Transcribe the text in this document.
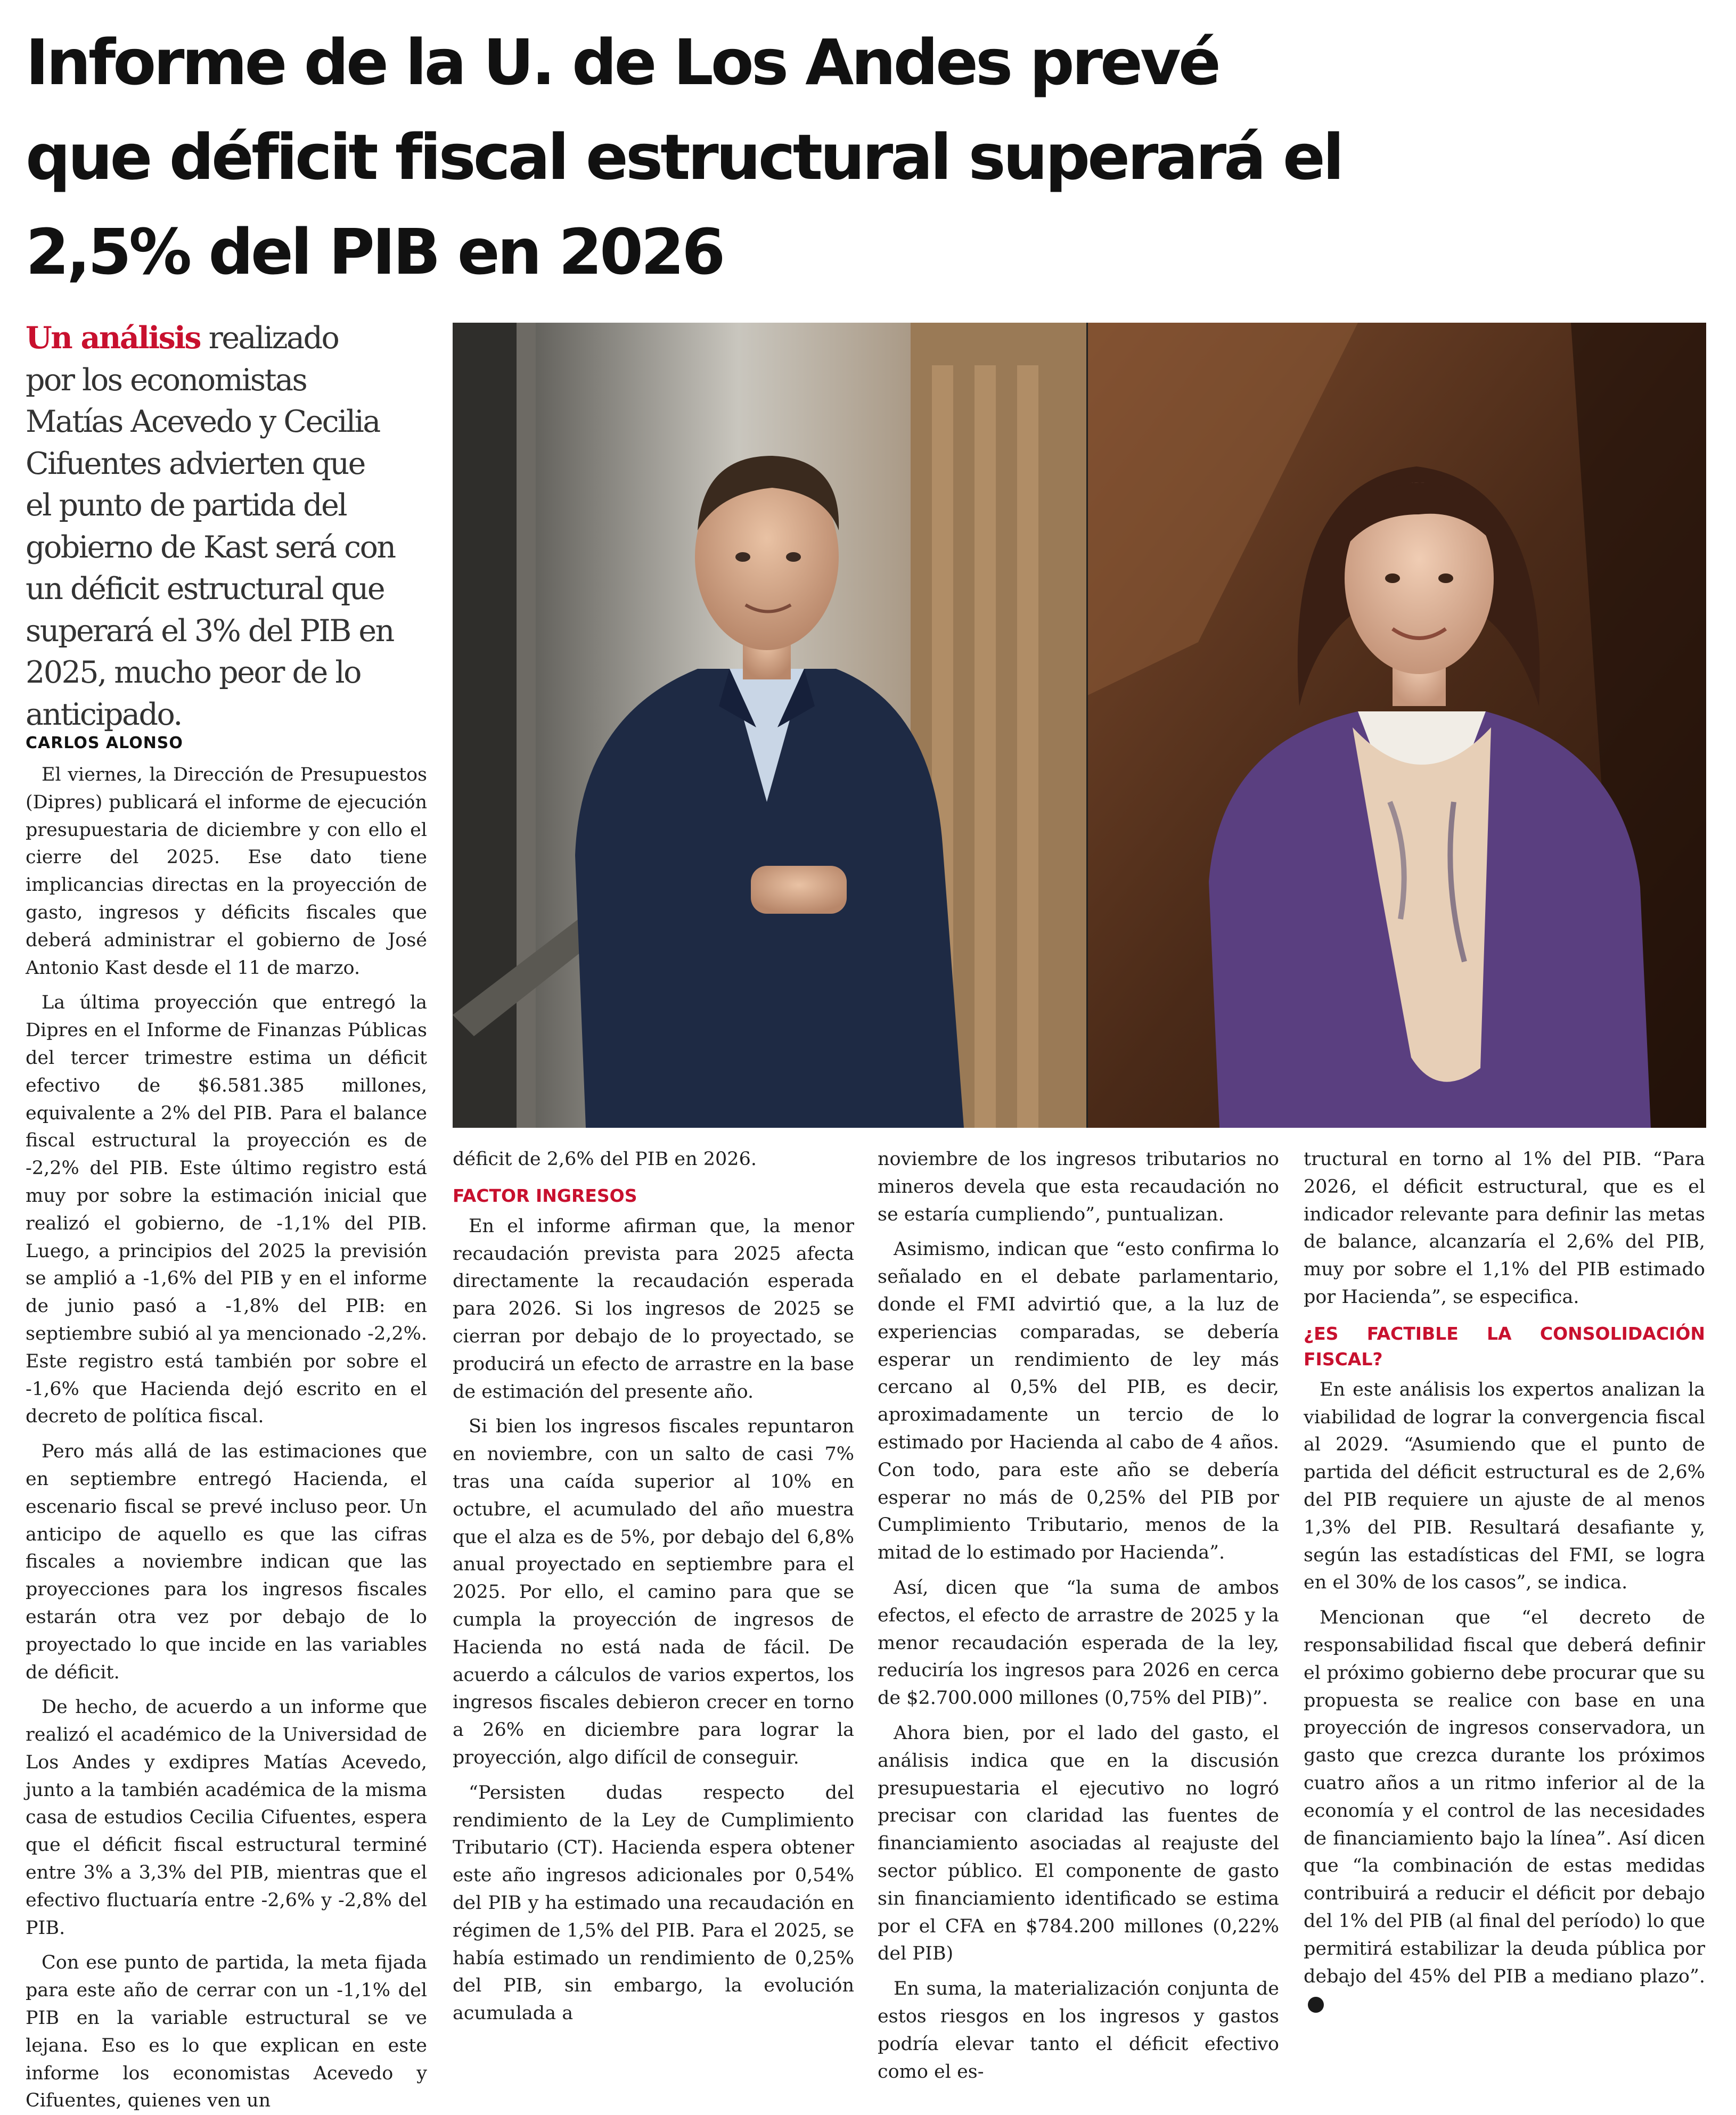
Informe de la U. de Los Andes prevé
que déficit fiscal estructural superará el
2,5% del PIB en 2026
Un análisis realizado
por los economistas
Matías Acevedo y Cecilia
Cifuentes advierten que
el punto de partida del
gobierno de Kast será con
un déficit estructural que
superará el 3% del PIB en
2025, mucho peor de lo
anticipado.
CARLOS ALONSO

El viernes, la Dirección de Presupuestos (Dipres) publicará el informe de ejecución presupuestaria de diciembre y con ello el cierre del 2025. Ese dato tiene implicancias directas en la proyección de gasto, ingresos y déficits fiscales que deberá administrar el gobierno de José Antonio Kast desde el 11 de marzo.

La última proyección que entregó la Dipres en el Informe de Finanzas Públicas del tercer trimestre estima un déficit efectivo de $6.581.385 millones, equivalente a 2% del PIB. Para el balance fiscal estructural la proyección es de -2,2% del PIB. Este último registro está muy por sobre la estimación inicial que realizó el gobierno, de -1,1% del PIB. Luego, a principios del 2025 la previsión se amplió a -1,6% del PIB y en el informe de junio pasó a -1,8% del PIB: en septiembre subió al ya mencionado -2,2%. Este registro está también por sobre el -1,6% que Hacienda dejó escrito en el decreto de política fiscal.

Pero más allá de las estimaciones que en septiembre entregó Hacienda, el escenario fiscal se prevé incluso peor. Un anticipo de aquello es que las cifras fiscales a noviembre indican que las proyecciones para los ingresos fiscales estarán otra vez por debajo de lo proyectado lo que incide en las variables de déficit.

De hecho, de acuerdo a un informe que realizó el académico de la Universidad de Los Andes y exdipres Matías Acevedo, junto a la también académica de la misma casa de estudios Cecilia Cifuentes, espera que el déficit fiscal estructural terminé entre 3% a 3,3% del PIB, mientras que el efectivo fluctuaría entre -2,6% y -2,8% del PIB.

Con ese punto de partida, la meta fijada para este año de cerrar con un -1,1% del PIB en la variable estructural se ve lejana. Eso es lo que explican en este informe los economistas Acevedo y Cifuentes, quienes ven un

déficit de 2,6% del PIB en 2026.

FACTOR INGRESOS

En el informe afirman que, la menor recaudación prevista para 2025 afecta directamente la recaudación esperada para 2026. Si los ingresos de 2025 se cierran por debajo de lo proyectado, se producirá un efecto de arrastre en la base de estimación del presente año.

Si bien los ingresos fiscales repuntaron en noviembre, con un salto de casi 7% tras una caída superior al 10% en octubre, el acumulado del año muestra que el alza es de 5%, por debajo del 6,8% anual proyectado en septiembre para el 2025. Por ello, el camino para que se cumpla la proyección de ingresos de Hacienda no está nada de fácil. De acuerdo a cálculos de varios expertos, los ingresos fiscales debieron crecer en torno a 26% en diciembre para lograr la proyección, algo difícil de conseguir.

“Persisten dudas respecto del rendimiento de la Ley de Cumplimiento Tributario (CT). Hacienda espera obtener este año ingresos adicionales por 0,54% del PIB y ha estimado una recaudación en régimen de 1,5% del PIB. Para el 2025, se había estimado un rendimiento de 0,25% del PIB, sin embargo, la evolución acumulada a

noviembre de los ingresos tributarios no mineros devela que esta recaudación no se estaría cumpliendo”, puntualizan.

Asimismo, indican que “esto confirma lo señalado en el debate parlamentario, donde el FMI advirtió que, a la luz de experiencias comparadas, se debería esperar un rendimiento de ley más cercano al 0,5% del PIB, es decir, aproximadamente un tercio de lo estimado por Hacienda al cabo de 4 años. Con todo, para este año se debería esperar no más de 0,25% del PIB por Cumplimiento Tributario, menos de la mitad de lo estimado por Hacienda”.

Así, dicen que “la suma de ambos efectos, el efecto de arrastre de 2025 y la menor recaudación esperada de la ley, reduciría los ingresos para 2026 en cerca de $2.700.000 millones (0,75% del PIB)”.

Ahora bien, por el lado del gasto, el análisis indica que en la discusión presupuestaria el ejecutivo no logró precisar con claridad las fuentes de financiamiento asociadas al reajuste del sector público. El componente de gasto sin financiamiento identificado se estima por el CFA en $784.200 millones (0,22% del PIB)

En suma, la materialización conjunta de estos riesgos en los ingresos y gastos podría elevar tanto el déficit efectivo como el es-

tructural en torno al 1% del PIB. “Para 2026, el déficit estructural, que es el indicador relevante para definir las metas de balance, alcanzaría el 2,6% del PIB, muy por sobre el 1,1% del PIB estimado por Hacienda”, se especifica.

¿ES FACTIBLE LA CONSOLIDACIÓN FISCAL?

En este análisis los expertos analizan la viabilidad de lograr la convergencia fiscal al 2029. “Asumiendo que el punto de partida del déficit estructural es de 2,6% del PIB requiere un ajuste de al menos 1,3% del PIB. Resultará desafiante y, según las estadísticas del FMI, se logra en el 30% de los casos”, se indica.

Mencionan que “el decreto de responsabilidad fiscal que deberá definir el próximo gobierno debe procurar que su propuesta se realice con base en una proyección de ingresos conservadora, un gasto que crezca durante los próximos cuatro años a un ritmo inferior al de la economía y el control de las necesidades de financiamiento bajo la línea”. Así dicen que “la combinación de estas medidas contribuirá a reducir el déficit por debajo del 1% del PIB (al final del período) lo que permitirá estabilizar la deuda pública por debajo del 45% del PIB a mediano plazo”.P
